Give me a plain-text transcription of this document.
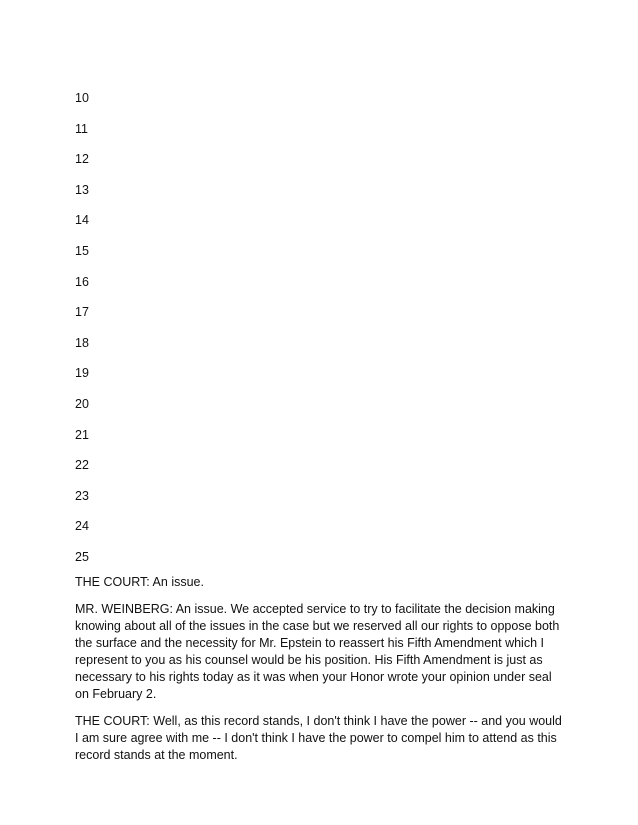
10
11
12
13
14
15
16
17
18
19
20
21
22
23
24
25

THE COURT: An issue.

MR. WEINBERG: An issue. We accepted service to try to facilitate the decision making knowing about all of the issues in the case but we reserved all our rights to oppose both the surface and the necessity for Mr. Epstein to reassert his Fifth Amendment which I represent to you as his counsel would be his position. His Fifth Amendment is just as necessary to his rights today as it was when your Honor wrote your opinion under seal on February 2.

THE COURT: Well, as this record stands, I don't think I have the power -- and you would I am sure agree with me -- I don't think I have the power to compel him to attend as this record stands at the moment.
